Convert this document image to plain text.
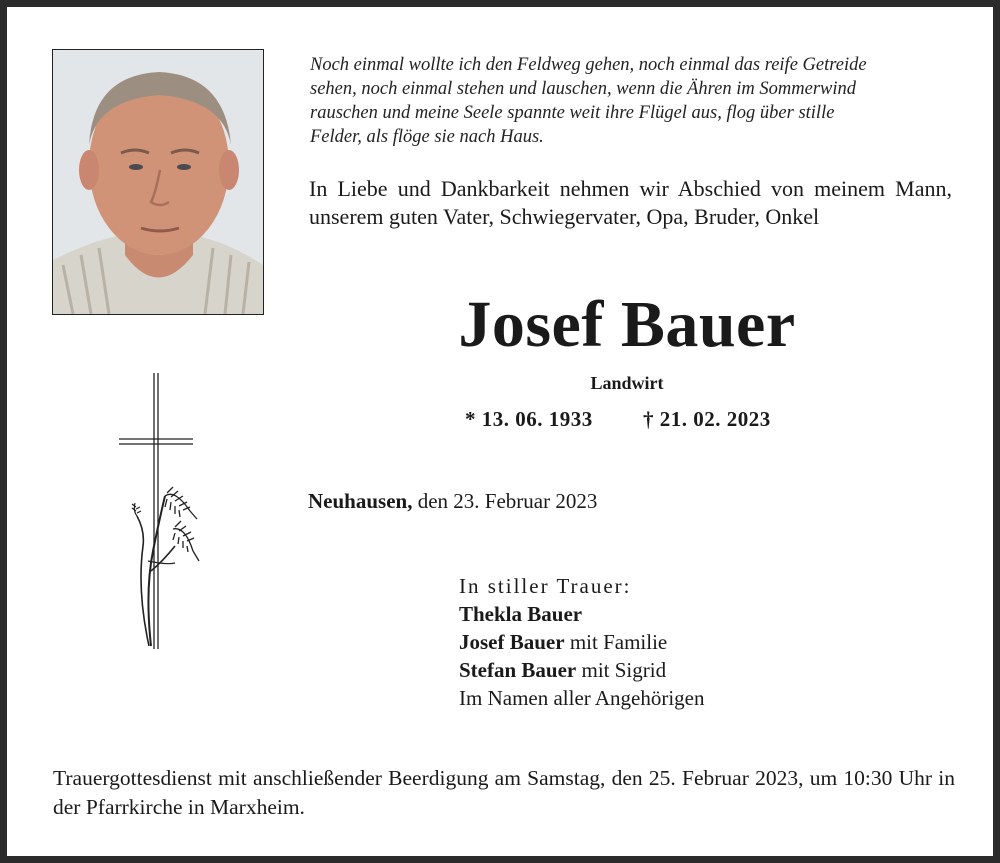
Noch einmal wollte ich den Feldweg gehen, noch einmal das reife Getreide
sehen, noch einmal stehen und lauschen, wenn die Ähren im Sommerwind
rauschen und meine Seele spannte weit ihre Flügel aus, flog über stille
Felder, als flöge sie nach Haus.
In Liebe und Dankbarkeit nehmen wir Abschied von meinem Mann, unserem guten Vater, Schwiegervater, Opa, Bruder, Onkel
Josef Bauer
Landwirt
* 13. 06. 1933 † 21. 02. 2023
Neuhausen, den 23. Februar 2023
In stiller Trauer:
Thekla Bauer
Josef Bauer mit Familie
Stefan Bauer mit Sigrid
Im Namen aller Angehörigen
Trauergottesdienst mit anschließender Beerdigung am Samstag, den 25. Februar 2023, um 10:30 Uhr in der Pfarrkirche in Marxheim.
